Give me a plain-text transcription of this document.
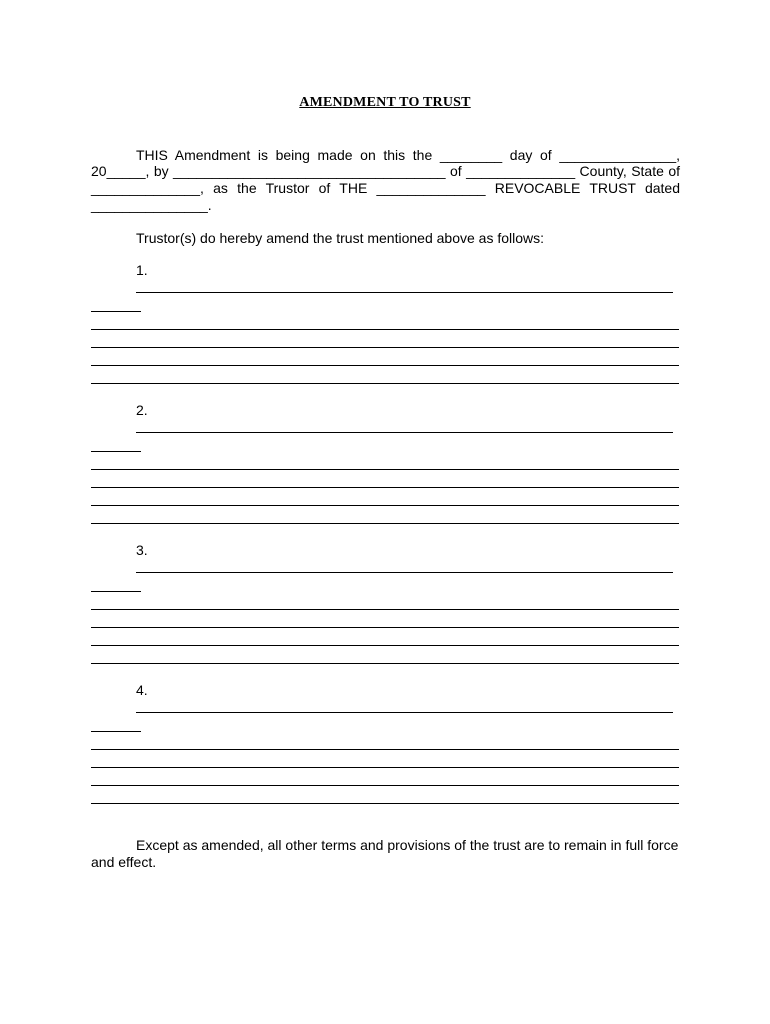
AMENDMENT TO TRUST
THIS Amendment is being made on this the ________ day of _______________,
20_____, by ___________________________________ of ______________ County, State of
______________, as the Trustor of THE ______________ REVOCABLE TRUST dated
_______________.
Trustor(s) do hereby amend the trust mentioned above as follows:
1.
2.
3.
4.
Except as amended, all other terms and provisions of the trust are to remain in full force
and effect.
